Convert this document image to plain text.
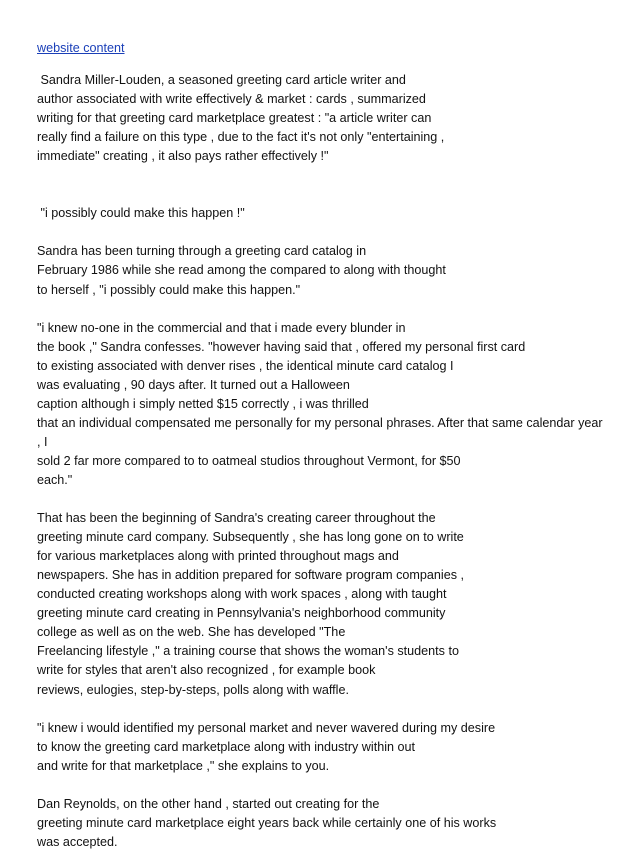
website content
Sandra Miller-Louden, a seasoned greeting card article writer and
author associated with write effectively & market : cards , summarized
writing for that greeting card marketplace greatest : "a article writer can
really find a failure on this type , due to the fact it's not only "entertaining ,
immediate" creating , it also pays rather effectively !"
"i possibly could make this happen !"
Sandra has been turning through a greeting card catalog in
February 1986 while she read among the compared to along with thought
to herself , "i possibly could make this happen."
"i knew no-one in the commercial and that i made every blunder in
the book ," Sandra confesses. "however having said that , offered my personal first card
to existing associated with denver rises , the identical minute card catalog I
was evaluating , 90 days after. It turned out a Halloween
caption although i simply netted $15 correctly , i was thrilled
that an individual compensated me personally for my personal phrases. After that same calendar year
, I
sold 2 far more compared to to oatmeal studios throughout Vermont, for $50
each."
That has been the beginning of Sandra's creating career throughout the
greeting minute card company. Subsequently , she has long gone on to write
for various marketplaces along with printed throughout mags and
newspapers. She has in addition prepared for software program companies ,
conducted creating workshops along with work spaces , along with taught
greeting minute card creating in Pennsylvania's neighborhood community
college as well as on the web. She has developed "The
Freelancing lifestyle ," a training course that shows the woman's students to
write for styles that aren't also recognized , for example book
reviews, eulogies, step-by-steps, polls along with waffle.
"i knew i would identified my personal market and never wavered during my desire
to know the greeting card marketplace along with industry within out
and write for that marketplace ," she explains to you.
Dan Reynolds, on the other hand , started out creating for the
greeting minute card marketplace eight years back while certainly one of his works
was accepted.
